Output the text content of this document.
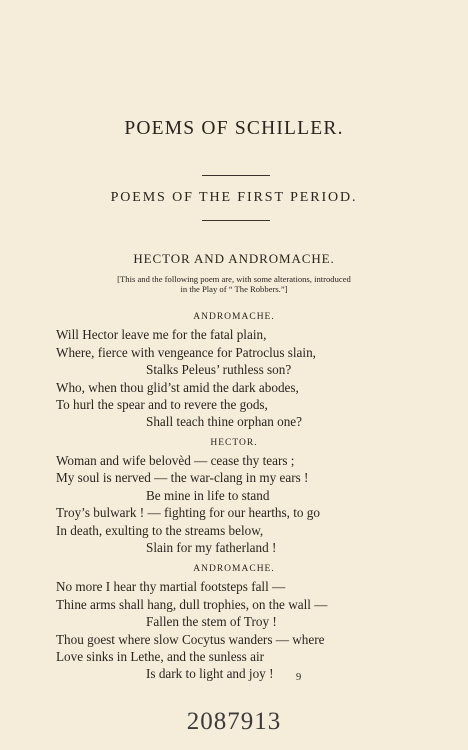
POEMS OF SCHILLER.
POEMS OF THE FIRST PERIOD.
HECTOR AND ANDROMACHE.
[This and the following poem are, with some alterations, introduced
in the Play of “ The Robbers.”]
ANDROMACHE.
Will Hector leave me for the fatal plain,
Where, fierce with vengeance for Patroclus slain,
Stalks Peleus’ ruthless son?
Who, when thou glid’st amid the dark abodes,
To hurl the spear and to revere the gods,
Shall teach thine orphan one?
HECTOR.
Woman and wife belovèd — cease thy tears ;
My soul is nerved — the war-clang in my ears !
Be mine in life to stand
Troy’s bulwark ! — fighting for our hearths, to go
In death, exulting to the streams below,
Slain for my fatherland !
ANDROMACHE.
No more I hear thy martial footsteps fall —
Thine arms shall hang, dull trophies, on the wall —
Fallen the stem of Troy !
Thou goest where slow Cocytus wanders — where
Love sinks in Lethe, and the sunless air
Is dark to light and joy ! 9
2087913
